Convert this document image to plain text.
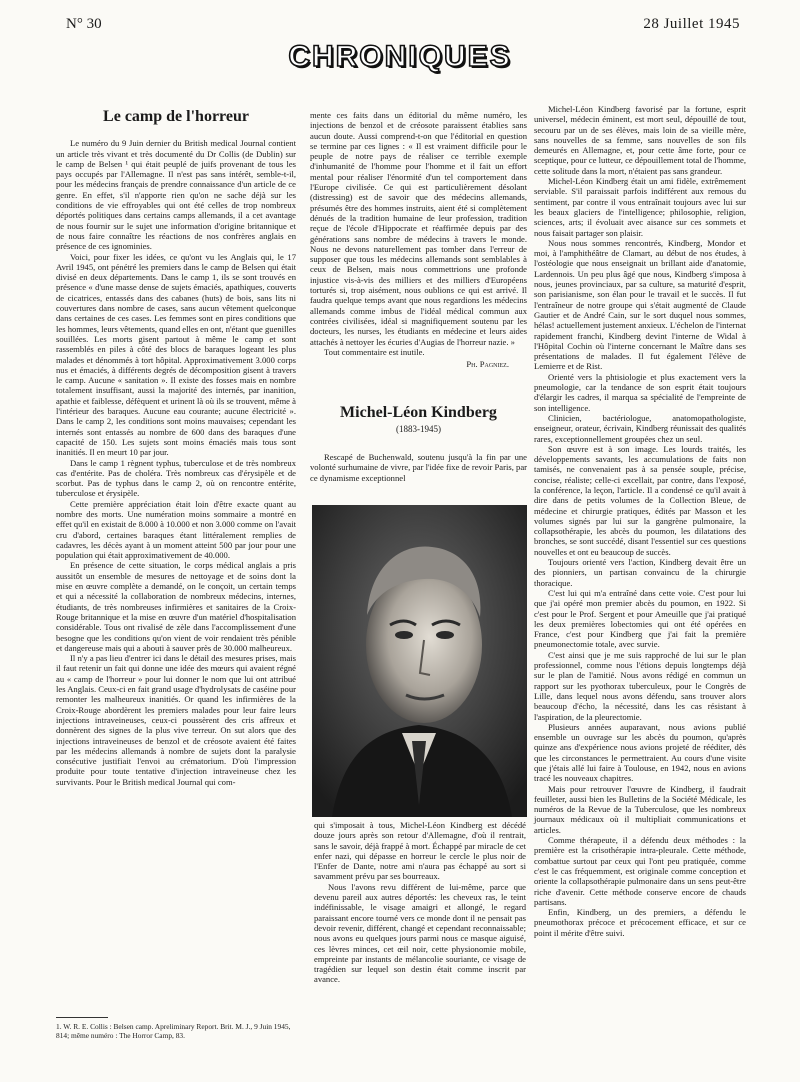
N° 30	28 Juillet 1945
CHRONIQUES
Le camp de l'horreur

Le numéro du 9 Juin dernier du British medical Journal contient un article très vivant et très documenté du Dr Collis (de Dublin) sur le camp de Belsen ¹ qui était peuplé de juifs provenant de tous les pays occupés par l'Allemagne. Il n'est pas sans intérêt, semble-t-il, pour les médecins français de prendre connaissance d'un article de ce genre. En effet, s'il n'apporte rien qu'on ne sache déjà sur les conditions de vie effroyables qui ont été celles de trop nombreux déportés politiques dans certains camps allemands, il a cet avantage de nous fournir sur le sujet une information d'origine britannique et de nous faire connaître les réactions de nos confrères anglais en présence de ces ignominies.

Voici, pour fixer les idées, ce qu'ont vu les Anglais qui, le 17 Avril 1945, ont pénétré les premiers dans le camp de Belsen qui était divisé en deux départements. Dans le camp 1, ils se sont trouvés en présence « d'une masse dense de sujets émaciés, apathiques, couverts de cicatrices, entassés dans des cabanes (huts) de bois, sans lits ni couvertures dans nombre de cases, sans aucun vêtement quelconque dans certaines de ces cases. Les femmes sont en pires conditions que les hommes, leurs vêtements, quand elles en ont, n'étant que guenilles souillées. Les morts gisent partout à même le camp et sont rassemblés en piles à côté des blocs de baraques logeant les plus malades et dénommés à tort hôpital. Approximativement 3.000 corps nus et émaciés, à différents degrés de décomposition gisent à travers le camp. Aucune « sanitation ». Il existe des fosses mais en nombre totalement insuffisant, aussi la majorité des internés, par inanition, apathie et faiblesse, défèquent et urinent là où ils se trouvent, même à l'intérieur des baraques. Aucune eau courante; aucune électricité ». Dans le camp 2, les conditions sont moins mauvaises; cependant les internés sont entassés au nombre de 600 dans des baraques d'une capacité de 150. Les sujets sont moins émaciés mais tous sont inanitiés. Il en meurt 10 par jour.

Dans le camp 1 règnent typhus, tuberculose et de très nombreux cas d'entérite. Pas de choléra. Très nombreux cas d'érysipèle et de scorbut. Pas de typhus dans le camp 2, où on rencontre entérite, tuberculose et érysipèle.

Cette première appréciation était loin d'être exacte quant au nombre des morts. Une numération moins sommaire a montré en effet qu'il en existait de 8.000 à 10.000 et non 3.000 comme on l'avait cru d'abord, certaines baraques étant littéralement remplies de cadavres, les décès ayant à un moment atteint 500 par jour pour une population qui était approximativement de 40.000.

En présence de cette situation, le corps médical anglais a pris aussitôt un ensemble de mesures de nettoyage et de soins dont la mise en œuvre complète a demandé, on le conçoit, un certain temps et qui a nécessité la collaboration de nombreux médecins, internes, étudiants, de très nombreuses infirmières et sanitaires de la Croix-Rouge britannique et la mise en œuvre d'un matériel d'hospitalisation considérable. Tous ont rivalisé de zèle dans l'accomplissement d'une besogne que les conditions qu'on vient de voir rendaient très pénible et dangereuse mais qui a abouti à sauver près de 30.000 malheureux.

Il n'y a pas lieu d'entrer ici dans le détail des mesures prises, mais il faut retenir un fait qui donne une idée des mœurs qui avaient régné au « camp de l'horreur » pour lui donner le nom que lui ont attribué les Anglais. Ceux-ci en fait grand usage d'hydrolysats de caséine pour remonter les malheureux inanitiés. Or quand les infirmières de la Croix-Rouge abordèrent les premiers malades pour leur faire leurs injections intraveineuses, ceux-ci poussèrent des cris affreux et donnèrent des signes de la plus vive terreur. On sut alors que des injections intraveineuses de benzol et de créosote avaient été faites par les médecins allemands à nombre de sujets dont la paralysie consécutive justifiait l'envoi au crématorium. D'où l'impression produite pour toute tentative d'injection intraveineuse chez les survivants. Pour le British medical Journal qui com-

mente ces faits dans un éditorial du même numéro, les injections de benzol et de créosote paraissent établies sans aucun doute. Aussi comprend-t-on que l'éditorial en question se termine par ces lignes : « Il est vraiment difficile pour le peuple de notre pays de réaliser ce terrible exemple d'inhumanité de l'homme pour l'homme et il fait un effort mental pour réaliser l'énormité d'un tel comportement dans l'Europe civilisée. Ce qui est particulièrement désolant (distressing) est de savoir que des médecins allemands, présumés être des hommes instruits, aient été si complètement dénués de la tradition humaine de leur profession, tradition reçue de l'école d'Hippocrate et réaffirmée depuis par des générations sans nombre de médecins à travers le monde. Nous ne devons naturellement pas tomber dans l'erreur de supposer que tous les médecins allemands sont semblables à ceux de Belsen, mais nous commettrions une profonde injustice vis-à-vis des milliers et des milliers d'Européens torturés si, trop aisément, nous oublions ce qui est arrivé. Il faudra quelque temps avant que nous regardions les médecins allemands comme imbus de l'idéal médical commun aux contrées civilisées, idéal si magnifiquement soutenu par les docteurs, les nurses, les étudiants en médecine et leurs aides attachés à nettoyer les écuries d'Augias de l'horreur nazie. »

Tout commentaire est inutile.

Ph. Pagniez.
Michel-Léon Kindberg
(1883-1945)

Rescapé de Buchenwald, soutenu jusqu'à la fin par une volonté surhumaine de vivre, par l'idée fixe de revoir Paris, par ce dynamisme exceptionnel

qui s'imposait à tous, Michel-Léon Kindberg est décédé douze jours après son retour d'Allemagne, d'où il rentrait, sans le savoir, déjà frappé à mort. Échappé par miracle de cet enfer nazi, qui dépasse en horreur le cercle le plus noir de l'Enfer de Dante, notre ami n'aura pas échappé au sort si savamment prévu par ses bourreaux.

Nous l'avons revu différent de lui-même, parce que devenu pareil aux autres déportés: les cheveux ras, le teint indéfinissable, le visage amaigri et allongé, le regard paraissant encore tourné vers ce monde dont il ne pensait pas devoir revenir, différent, changé et cependant reconnaissable; nous avons eu quelques jours parmi nous ce masque aiguisé, ces lèvres minces, cet œil noir, cette physionomie mobile, empreinte par instants de mélancolie souriante, ce visage de tragédien sur lequel son destin était comme inscrit par avance.

Michel-Léon Kindberg favorisé par la fortune, esprit universel, médecin éminent, est mort seul, dépouillé de tout, secouru par un de ses élèves, mais loin de sa vieille mère, sans nouvelles de sa femme, sans nouvelles de son fils demeurés en Allemagne, et, pour cette âme forte, pour ce sceptique, pour ce lutteur, ce dépouillement total de l'homme, cette solitude dans la mort, n'étaient pas sans grandeur.

Michel-Léon Kindberg était un ami fidèle, extrêmement serviable. S'il paraissait parfois indifférent aux remous du sentiment, par contre il vous entraînait toujours avec lui sur les beaux glaciers de l'intelligence; philosophie, religion, sciences, arts; il évoluait avec aisance sur ces sommets et nous faisait partager son plaisir.

Nous nous sommes rencontrés, Kindberg, Mondor et moi, à l'amphithéâtre de Clamart, au début de nos études, à l'ostéologie que nous enseignait un brillant aide d'anatomie, Lardennois. Un peu plus âgé que nous, Kindberg s'imposa à nous, jeunes provinciaux, par sa culture, sa maturité d'esprit, son parisianisme, son élan pour le travail et le succès. Il fut l'entraîneur de notre groupe qui s'était augmenté de Claude Gautier et de André Cain, sur le sort duquel nous sommes, hélas! actuellement justement anxieux. L'échelon de l'internat rapidement franchi, Kindberg devint l'interne de Widal à l'Hôpital Cochin où l'interne concernant le Maître dans ses présentations de malades. Il fut également l'élève de Lemierre et de Rist.

Orienté vers la phtisiologie et plus exactement vers la pneumologie, car la tendance de son esprit était toujours d'élargir les cadres, il marqua sa spécialité de l'empreinte de son intelligence.

Clinicien, bactériologue, anatomopathologiste, enseigneur, orateur, écrivain, Kindberg réunissait des qualités rares, exceptionnellement groupées chez un seul.

Son œuvre est à son image. Les lourds traités, les développements savants, les accumulations de faits non tamisés, ne convenaient pas à sa pensée souple, précise, concise, réaliste; celle-ci excellait, par contre, dans l'exposé, la conférence, la leçon, l'article. Il a condensé ce qu'il avait à dire dans de petits volumes de la Collection Bleue, de médecine et chirurgie pratiques, édités par Masson et les volumes signés par lui sur la gangrène pulmonaire, la collapsothérapie, les abcès du poumon, les dilatations des bronches, se sont succédé, disant l'essentiel sur ces questions nouvelles et ont eu beaucoup de succès.

Toujours orienté vers l'action, Kindberg devait être un des pionniers, un partisan convaincu de la chirurgie thoracique.

C'est lui qui m'a entraîné dans cette voie. C'est pour lui que j'ai opéré mon premier abcès du poumon, en 1922. Si c'est pour le Prof. Sergent et pour Ameuille que j'ai pratiqué les deux premières lobectomies qui ont été opérées en France, c'est pour Kindberg que j'ai fait la première pneumonectomie totale, avec survie.

C'est ainsi que je me suis rapproché de lui sur le plan professionnel, comme nous l'étions depuis longtemps déjà sur le plan de l'amitié. Nous avons rédigé en commun un rapport sur les pyothorax tuberculeux, pour le Congrès de Lille, dans lequel nous avons défendu, sans trouver alors beaucoup d'écho, la nécessité, dans les cas résistant à l'aspiration, de la pleurectomie.

Plusieurs années auparavant, nous avions publié ensemble un ouvrage sur les abcès du poumon, qu'après quinze ans d'expérience nous avions projeté de rééditer, dès que les circonstances le permettraient. Au cours d'une visite que j'étais allé lui faire à Toulouse, en 1942, nous en avions tracé les nouveaux chapitres.

Mais pour retrouver l'œuvre de Kindberg, il faudrait feuilleter, aussi bien les Bulletins de la Société Médicale, les numéros de la Revue de la Tuberculose, que les nombreux journaux médicaux où il multipliait communications et articles.

Comme thérapeute, il a défendu deux méthodes : la première est la crisothérapie intra-pleurale. Cette méthode, combattue surtout par ceux qui l'ont peu pratiquée, comme c'est le cas fréquemment, est originale comme conception et oriente la collapsothérapie pulmonaire dans un sens peut-être riche d'avenir. Cette méthode conserve encore de chauds partisans.

Enfin, Kindberg, un des premiers, a défendu le pneumothorax précoce et précocement efficace, et sur ce point il mérite d'être suivi.

1. W. R. E. Collis : Belsen camp. Apreliminary Report. Brit. M. J., 9 Juin 1945, 814; même numéro : The Horror Camp, 83.
